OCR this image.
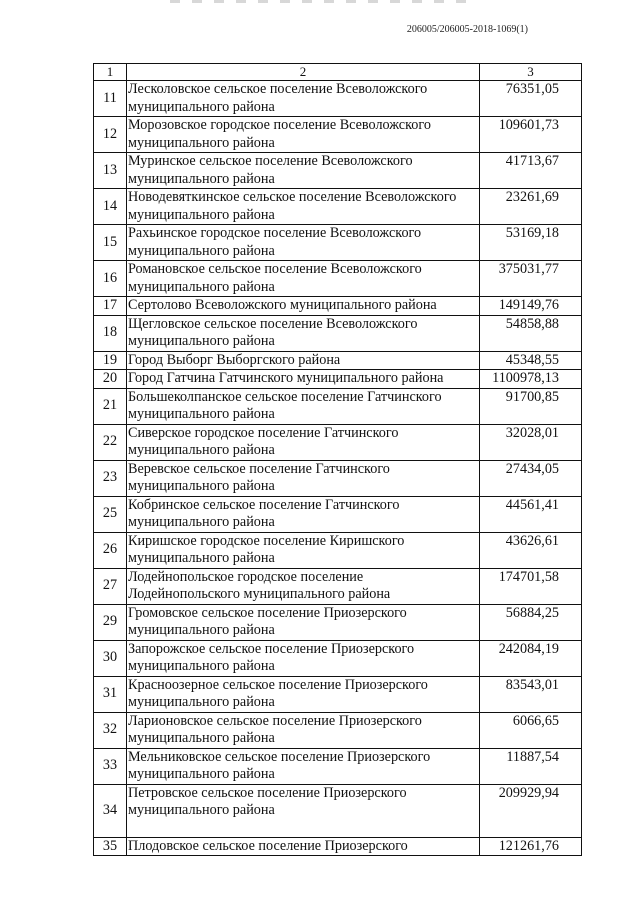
206005/206005-2018-1069(1)
1	2	3
11	Лесколовское сельское поселение Всеволожского муниципального района	76351,05
12	Морозовское городское поселение Всеволожского муниципального района	109601,73
13	Муринское сельское поселение Всеволожского муниципального района	41713,67
14	Новодевяткинское сельское поселение Всеволожского муниципального района	23261,69
15	Рахьинское городское поселение Всеволожского муниципального района	53169,18
16	Романовское сельское поселение Всеволожского муниципального района	375031,77
17	Сертолово Всеволожского муниципального района	149149,76
18	Щегловское сельское поселение Всеволожского муниципального района	54858,88
19	Город Выборг Выборгского района	45348,55
20	Город Гатчина Гатчинского муниципального района	1100978,13
21	Большеколпанское сельское поселение Гатчинского муниципального района	91700,85
22	Сиверское городское поселение Гатчинского муниципального района	32028,01
23	Веревское сельское поселение Гатчинского муниципального района	27434,05
25	Кобринское сельское поселение Гатчинского муниципального района	44561,41
26	Киришское городское поселение Киришского муниципального района	43626,61
27	Лодейнопольское городское поселение Лодейнопольского муниципального района	174701,58
29	Громовское сельское поселение Приозерского муниципального района	56884,25
30	Запорожское сельское поселение Приозерского муниципального района	242084,19
31	Красноозерное сельское поселение Приозерского муниципального района	83543,01
32	Ларионовское сельское поселение Приозерского муниципального района	6066,65
33	Мельниковское сельское поселение Приозерского муниципального района	11887,54
34	Петровское сельское поселение Приозерского муниципального района	209929,94
35	Плодовское сельское поселение Приозерского	121261,76
